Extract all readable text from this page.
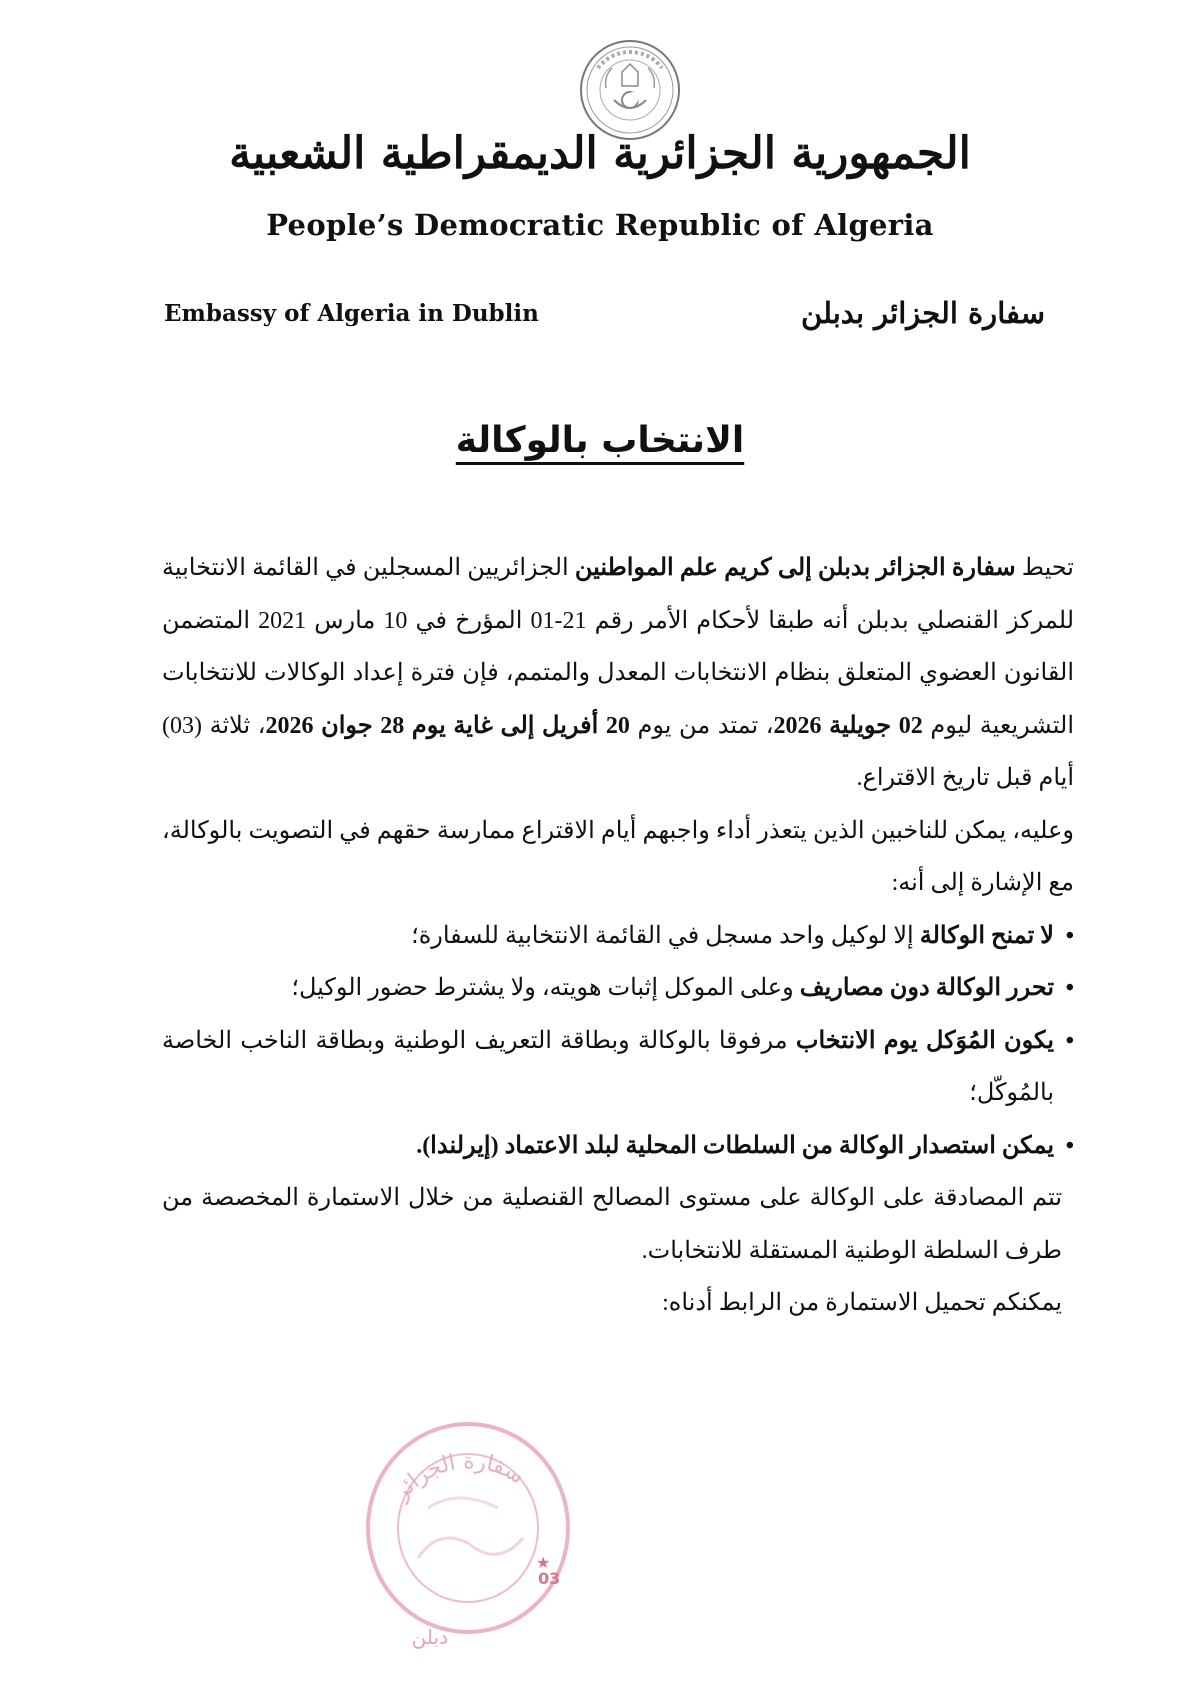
الجمهورية الجزائرية الديمقراطية الشعبية
People’s Democratic Republic of Algeria
Embassy of Algeria in Dublin	سفارة الجزائر بدبلن
الانتخاب بالوكالة

تحيط سفارة الجزائر بدبلن إلى كريم علم المواطنين الجزائريين المسجلين في القائمة الانتخابية للمركز القنصلي بدبلن أنه طبقا لأحكام الأمر رقم 21-01 المؤرخ في 10 مارس 2021 المتضمن القانون العضوي المتعلق بنظام الانتخابات المعدل والمتمم، فإن فترة إعداد الوكالات للانتخابات التشريعية ليوم 02 جويلية 2026، تمتد من يوم 20 أفريل إلى غاية يوم 28 جوان 2026، ثلاثة (03) أيام قبل تاريخ الاقتراع.

وعليه، يمكن للناخبين الذين يتعذر أداء واجبهم أيام الاقتراع ممارسة حقهم في التصويت بالوكالة، مع الإشارة إلى أنه:

• لا تمنح الوكالة إلا لوكيل واحد مسجل في القائمة الانتخابية للسفارة؛
• تحرر الوكالة دون مصاريف وعلى الموكل إثبات هويته، ولا يشترط حضور الوكيل؛
• يكون المُوَكل يوم الانتخاب مرفوقا بالوكالة وبطاقة التعريف الوطنية وبطاقة الناخب الخاصة بالمُوكّل؛
• يمكن استصدار الوكالة من السلطات المحلية لبلد الاعتماد (إيرلندا).

تتم المصادقة على الوكالة على مستوى المصالح القنصلية من خلال الاستمارة المخصصة من طرف السلطة الوطنية المستقلة للانتخابات.

يمكنكم تحميل الاستمارة من الرابط أدناه:

سفارة الجزائر
03
★
دبلن
